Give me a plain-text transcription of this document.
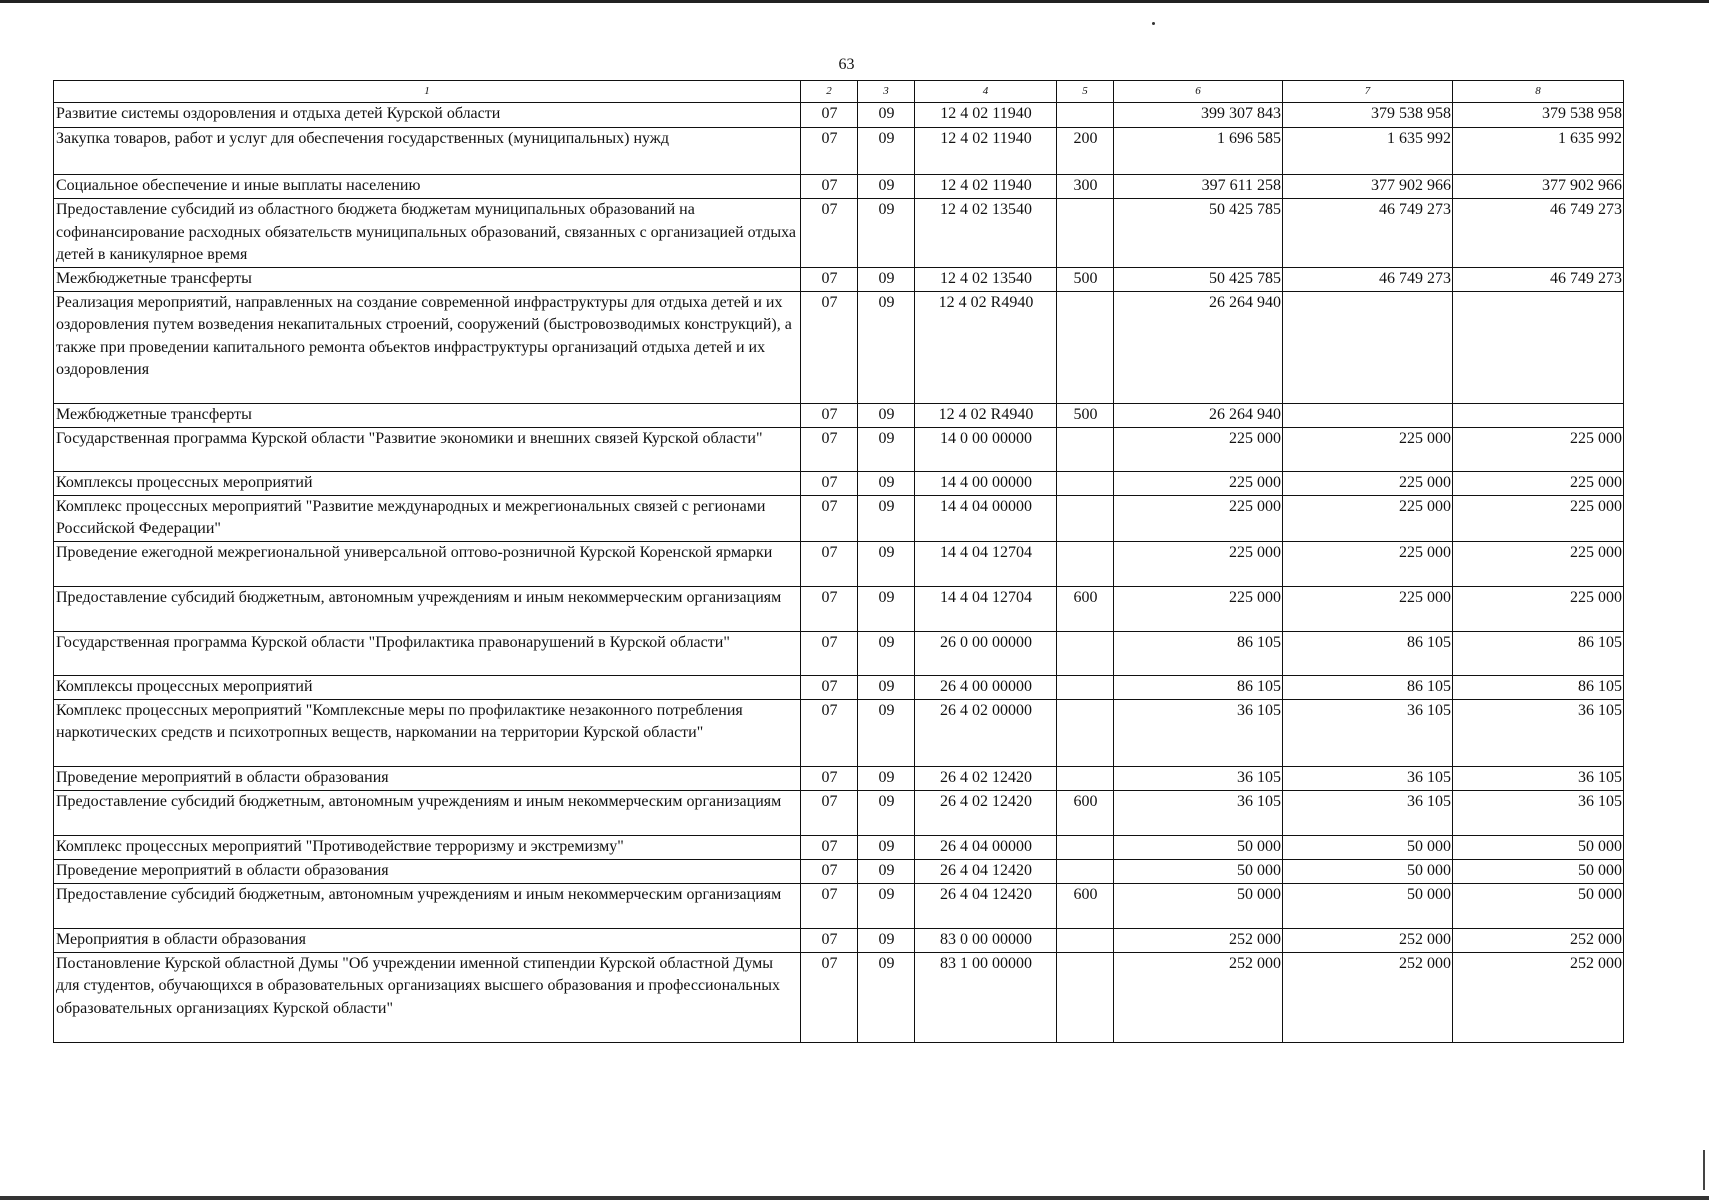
63
1	2	3	4	5	6	7	8
Развитие системы оздоровления и отдыха детей Курской области	07	09	12 4 02 11940		399 307 843	379 538 958	379 538 958
Закупка товаров, работ и услуг для обеспечения государственных (муниципальных) нужд	07	09	12 4 02 11940	200	1 696 585	1 635 992	1 635 992
Социальное обеспечение и иные выплаты населению	07	09	12 4 02 11940	300	397 611 258	377 902 966	377 902 966
Предоставление субсидий из областного бюджета бюджетам муниципальных образований на софинансирование расходных обязательств муниципальных образований, связанных с организацией отдыха детей в каникулярное время	07	09	12 4 02 13540		50 425 785	46 749 273	46 749 273
Межбюджетные трансферты	07	09	12 4 02 13540	500	50 425 785	46 749 273	46 749 273
Реализация мероприятий, направленных на создание современной инфраструктуры для отдыха детей и их оздоровления путем возведения некапитальных строений, сооружений (быстровозводимых конструкций), а также при проведении капитального ремонта объектов инфраструктуры организаций отдыха детей и их оздоровления	07	09	12 4 02 R4940		26 264 940		
Межбюджетные трансферты	07	09	12 4 02 R4940	500	26 264 940		
Государственная программа Курской области "Развитие экономики и внешних связей Курской области"	07	09	14 0 00 00000		225 000	225 000	225 000
Комплексы процессных мероприятий	07	09	14 4 00 00000		225 000	225 000	225 000
Комплекс процессных мероприятий "Развитие международных и межрегиональных связей с регионами Российской Федерации"	07	09	14 4 04 00000		225 000	225 000	225 000
Проведение ежегодной межрегиональной универсальной оптово-розничной Курской Коренской ярмарки	07	09	14 4 04 12704		225 000	225 000	225 000
Предоставление субсидий бюджетным, автономным учреждениям и иным некоммерческим организациям	07	09	14 4 04 12704	600	225 000	225 000	225 000
Государственная программа Курской области "Профилактика правонарушений в Курской области"	07	09	26 0 00 00000		86 105	86 105	86 105
Комплексы процессных мероприятий	07	09	26 4 00 00000		86 105	86 105	86 105
Комплекс процессных мероприятий "Комплексные меры по профилактике незаконного потребления наркотических средств и психотропных веществ, наркомании на территории Курской области"	07	09	26 4 02 00000		36 105	36 105	36 105
Проведение мероприятий в области образования	07	09	26 4 02 12420		36 105	36 105	36 105
Предоставление субсидий бюджетным, автономным учреждениям и иным некоммерческим организациям	07	09	26 4 02 12420	600	36 105	36 105	36 105
Комплекс процессных мероприятий "Противодействие терроризму и экстремизму"	07	09	26 4 04 00000		50 000	50 000	50 000
Проведение мероприятий в области образования	07	09	26 4 04 12420		50 000	50 000	50 000
Предоставление субсидий бюджетным, автономным учреждениям и иным некоммерческим организациям	07	09	26 4 04 12420	600	50 000	50 000	50 000
Мероприятия в области образования	07	09	83 0 00 00000		252 000	252 000	252 000
Постановление Курской областной Думы "Об учреждении именной стипендии Курской областной Думы для студентов, обучающихся в образовательных организациях высшего образования и профессиональных образовательных организациях Курской области"	07	09	83 1 00 00000		252 000	252 000	252 000
